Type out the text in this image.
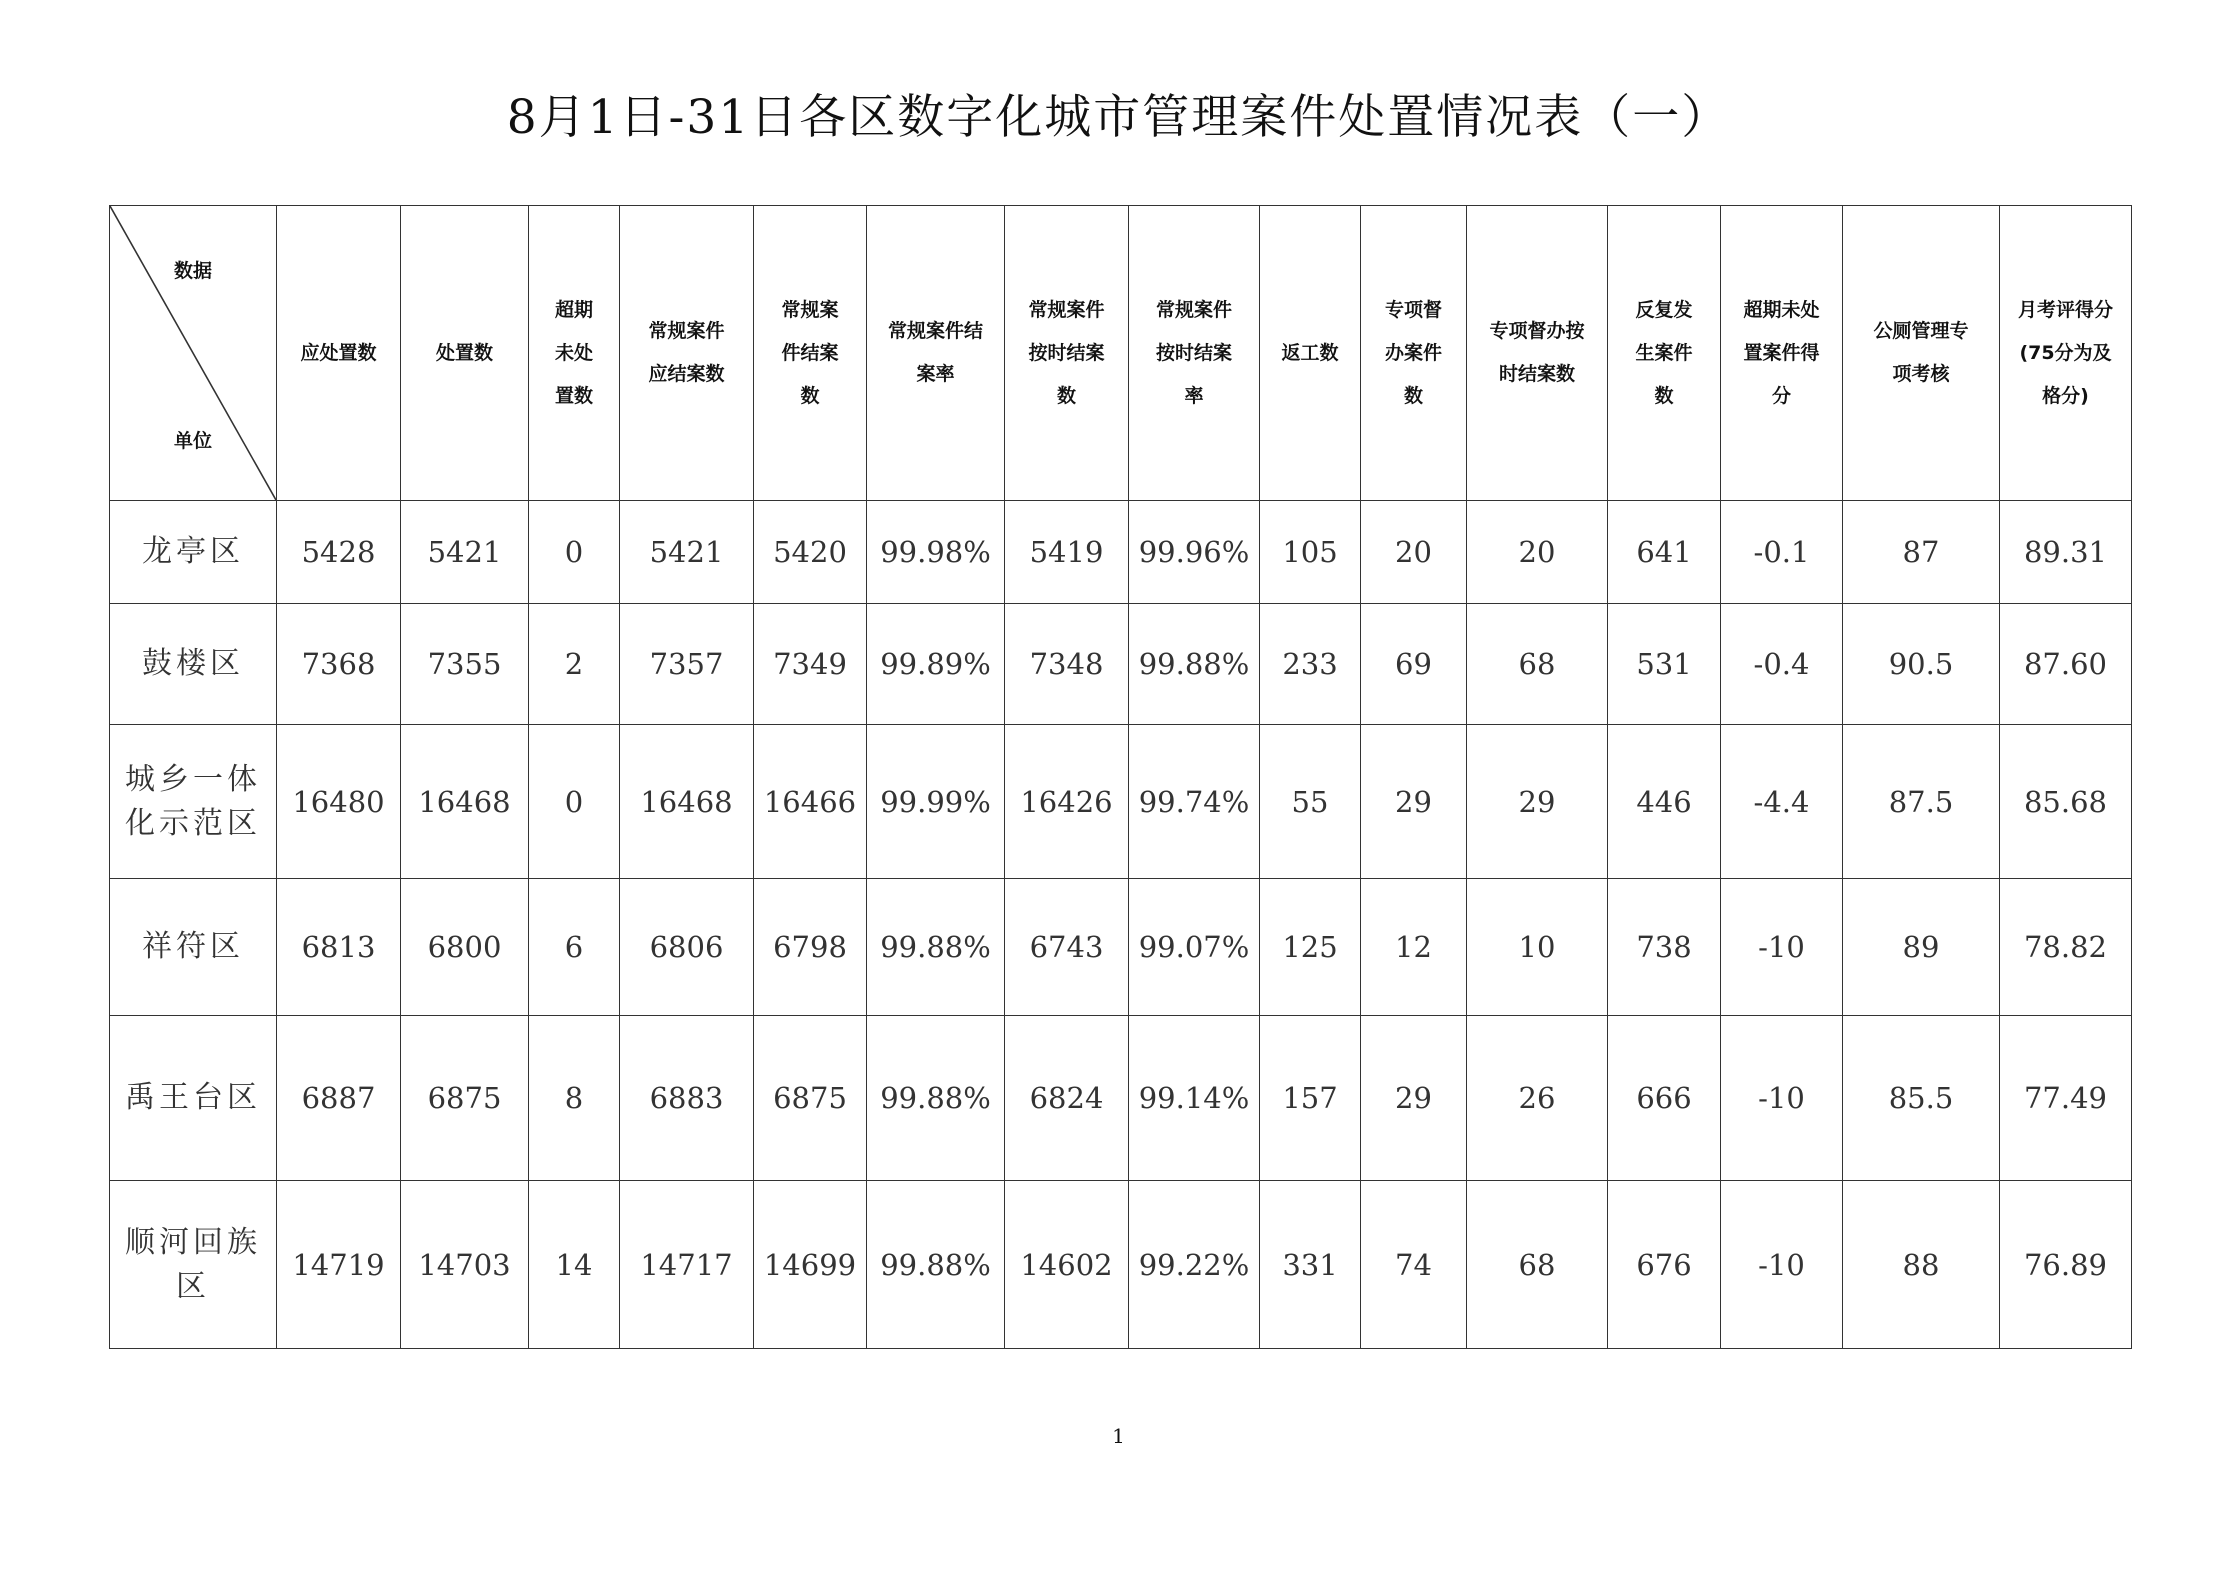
8月1日-31日各区数字化城市管理案件处置情况表（一）
数据
单位	应处置数	处置数	超期未处置数	常规案件应结案数	常规案件结案数	常规案件结案率	常规案件按时结案数	常规案件按时结案率	返工数	专项督办案件数	专项督办按时结案数	反复发生案件数	超期未处置案件得分	公厕管理专项考核	月考评得分(75分为及格分)
龙亭区	5428	5421	0	5421	5420	99.98%	5419	99.96%	105	20	20	641	-0.1	87	89.31
鼓楼区	7368	7355	2	7357	7349	99.89%	7348	99.88%	233	69	68	531	-0.4	90.5	87.60
城乡一体化示范区	16480	16468	0	16468	16466	99.99%	16426	99.74%	55	29	29	446	-4.4	87.5	85.68
祥符区	6813	6800	6	6806	6798	99.88%	6743	99.07%	125	12	10	738	-10	89	78.82
禹王台区	6887	6875	8	6883	6875	99.88%	6824	99.14%	157	29	26	666	-10	85.5	77.49
顺河回族区	14719	14703	14	14717	14699	99.88%	14602	99.22%	331	74	68	676	-10	88	76.89
1
